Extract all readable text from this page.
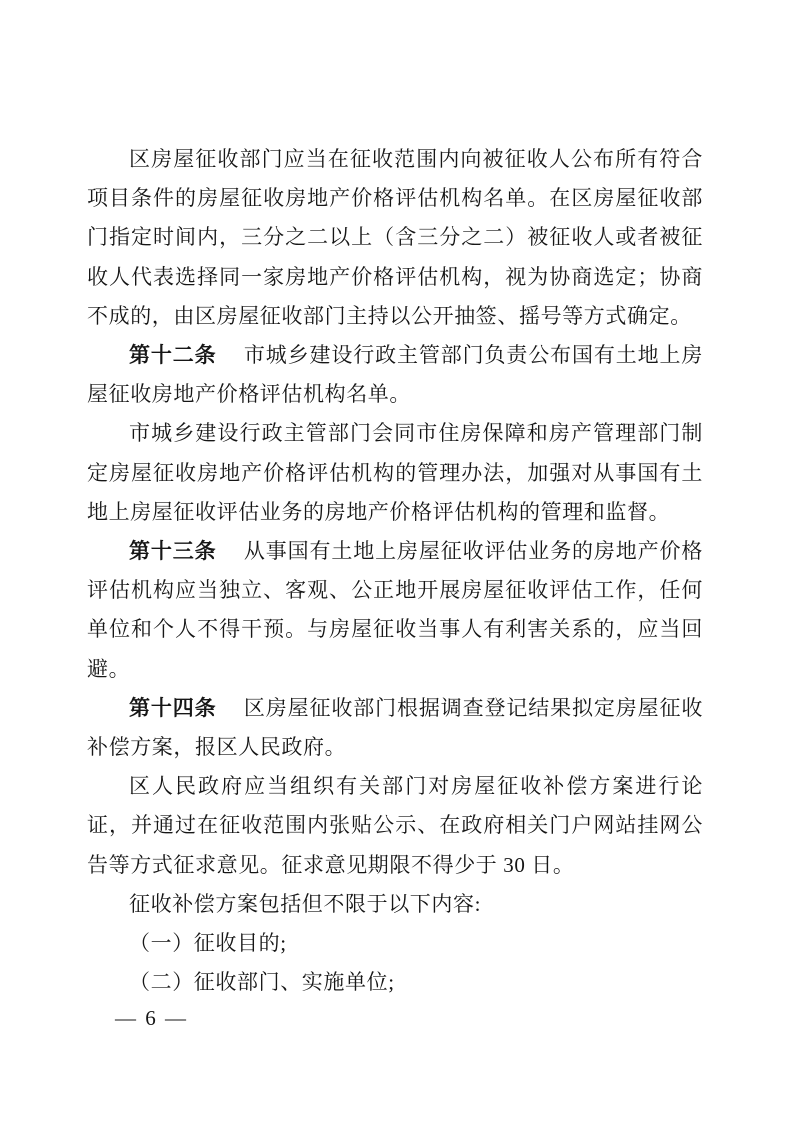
区房屋征收部门应当在征收范围内向被征收人公布所有符合项目条件的房屋征收房地产价格评估机构名单。在区房屋征收部门指定时间内，三分之二以上（含三分之二）被征收人或者被征收人代表选择同一家房地产价格评估机构，视为协商选定；协商不成的，由区房屋征收部门主持以公开抽签、摇号等方式确定。

第十二条 市城乡建设行政主管部门负责公布国有土地上房屋征收房地产价格评估机构名单。

市城乡建设行政主管部门会同市住房保障和房产管理部门制定房屋征收房地产价格评估机构的管理办法，加强对从事国有土地上房屋征收评估业务的房地产价格评估机构的管理和监督。

第十三条 从事国有土地上房屋征收评估业务的房地产价格评估机构应当独立、客观、公正地开展房屋征收评估工作，任何单位和个人不得干预。与房屋征收当事人有利害关系的，应当回避。

第十四条 区房屋征收部门根据调查登记结果拟定房屋征收补偿方案，报区人民政府。

区人民政府应当组织有关部门对房屋征收补偿方案进行论证，并通过在征收范围内张贴公示、在政府相关门户网站挂网公告等方式征求意见。征求意见期限不得少于 30 日。

征收补偿方案包括但不限于以下内容:

（一）征收目的;

（二）征收部门、实施单位;

— 6 —
